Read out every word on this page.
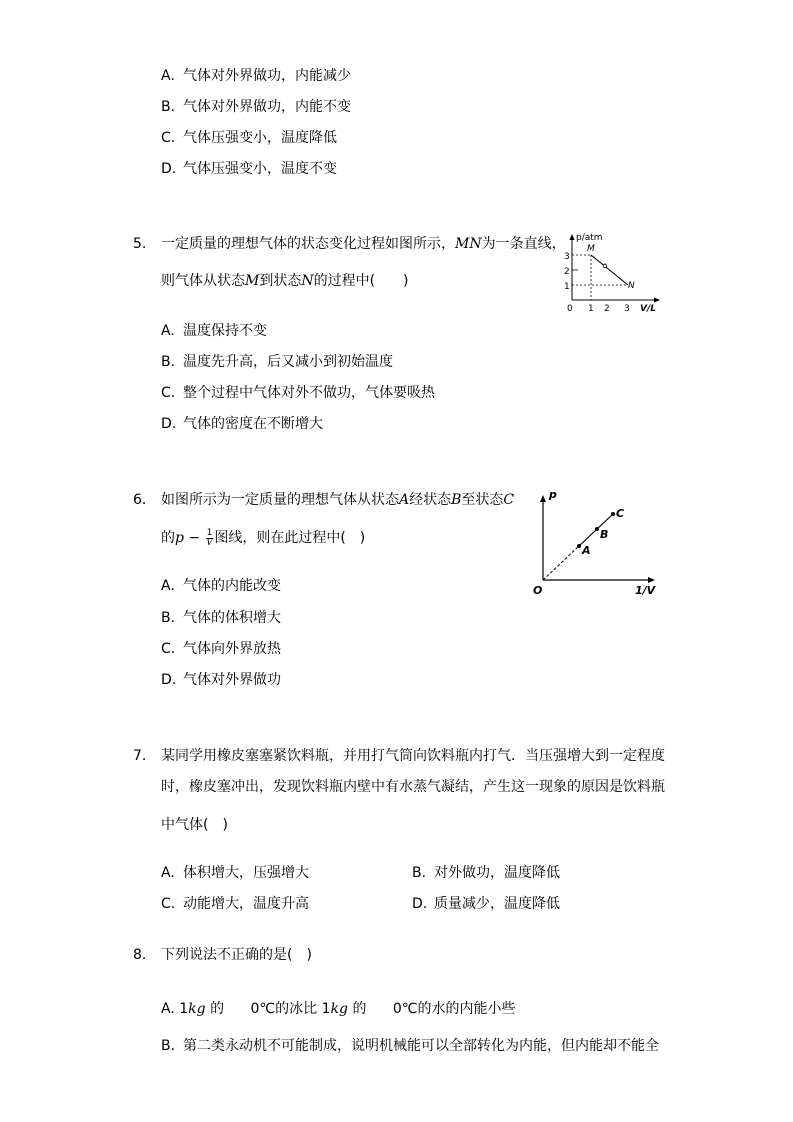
A. 气体对外界做功，内能减少
B. 气体对外界做功，内能不变
C. 气体压强变小，温度降低
D. 气体压强变小，温度不变
5. 一定质量的理想气体的状态变化过程如图所示，MN为一条直线，
则气体从状态M到状态N的过程中(　　)
p/atm
M
N
3
2
1
0 1 2 3 V/L
A. 温度保持不变
B. 温度先升高，后又减小到初始温度
C. 整个过程中气体对外不做功，气体要吸热
D. 气体的密度在不断增大
6. 如图所示为一定质量的理想气体从状态A经状态B至状态C
的$p - \frac{1}{V}$ 图线，则在此过程中(　)
p
1/V
O
A
B
C
A. 气体的内能改变
B. 气体的体积增大
C. 气体向外界放热
D. 气体对外界做功
7. 某同学用橡皮塞塞紧饮料瓶，并用打气筒向饮料瓶内打气．当压强增大到一定程度
时，橡皮塞冲出，发现饮料瓶内壁中有水蒸气凝结，产生这一现象的原因是饮料瓶
中气体(　)
A. 体积增大，压强增大	B. 对外做功，温度降低
C. 动能增大，温度升高	D. 质量减少，温度降低
8. 下列说法不正确的是(　)
A. 1kg 的 0℃的冰比 1kg 的 0℃的水的内能小些
B. 第二类永动机不可能制成，说明机械能可以全部转化为内能，但内能却不能全
